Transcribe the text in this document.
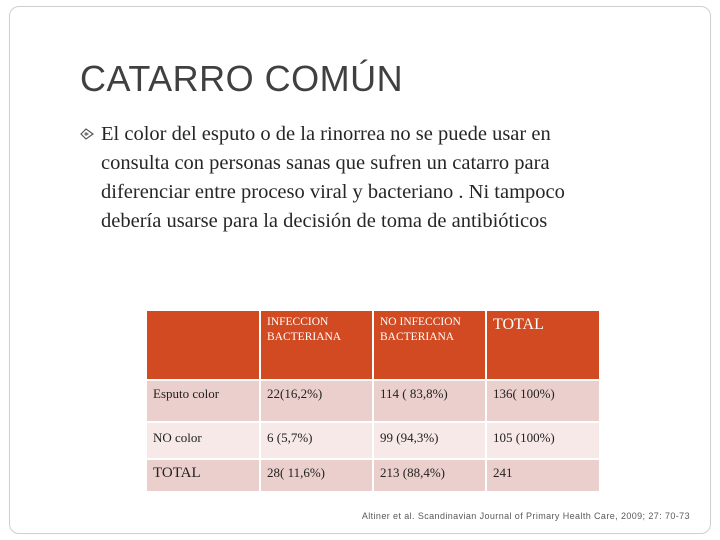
CATARRO COMÚN
El color del esputo o de la rinorrea no se puede usar en
consulta con personas sanas que sufren un catarro para
diferenciar entre proceso viral y bacteriano . Ni tampoco
debería usarse para la decisión de toma de antibióticos
	INFECCION BACTERIANA	NO INFECCION BACTERIANA	TOTAL
Esputo color	22(16,2%)	114 ( 83,8%)	136( 100%)
NO color	6 (5,7%)	99 (94,3%)	105 (100%)
TOTAL	28( 11,6%)	213 (88,4%)	241
Altiner et al. Scandinavian Journal of Primary Health Care, 2009; 27: 70-73
